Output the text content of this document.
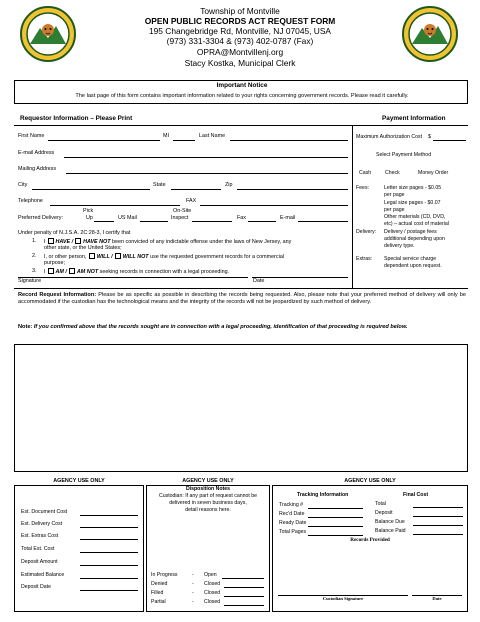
Township of Montville
OPEN PUBLIC RECORDS ACT REQUEST FORM
195 Changebridge Rd, Montville, NJ 07045, USA
(973) 331-3304 & (973) 402-0787 (Fax)
OPRA@Montvillenj.org
Stacy Kostka, Municipal Clerk
Important Notice
The last page of this form contains important information related to your rights concerning government records. Please read it carefully.
Requestor Information – Please Print	Payment Information
First Name	MI	Last Name
E-mail Address
Mailing Address
City	State	Zip
Telephone	FAX
Preferred Delivery:
Pick
Up	US Mail
On-Site
Inspect	Fax	E-mail
Under penalty of N.J.S.A. 2C:28-3, I certify that
1. I HAVE / HAVE NOT been convicted of any indictable offense under the laws of New Jersey, any
other state, or the United States;
2. I, or other person, WILL / WILL NOT use the requested government records for a commercial
purpose;
3. I AM / AM NOT seeking records in connection with a legal proceeding.
Signature	Date
Maximum Authorization Cost $
Select Payment Method
Cash	Check	Money Order
Fees:	Letter size pages - $0.05
per page
Legal size pages - $0.07
per page
Other materials (CD, DVD,
etc) – actual cost of material
Delivery: Delivery / postage fees
additional depending upon
delivery type.
Extras: Special service charge
dependent upon request.
Record Request Information: Please be as specific as possible in describing the records being requested. Also, please note that your preferred method of delivery will only be accommodated if the custodian has the technological means and the integrity of the records will not be jeopardized by such method of delivery.
Note: If you confirmed above that the records sought are in connection with a legal proceeding, identification of that proceeding is required below.
AGENCY USE ONLY	AGENCY USE ONLY	AGENCY USE ONLY
Est. Document Cost
Est. Delivery Cost
Est. Extras Cost
Total Est. Cost
Deposit Amount
Estimated Balance
Deposit Date
Disposition Notes
Custodian: If any part of request cannot be
delivered in seven business days,
detail reasons here.
In Progress	- Open
Denied	- Closed
Filled	- Closed
Partial	- Closed
Tracking Information	Final Cost
Tracking #
Rec'd Date
Ready Date
Total Pages
Total
Deposit
Balance Due
Balance Paid
Records Provided
Custodian Signature	Date
